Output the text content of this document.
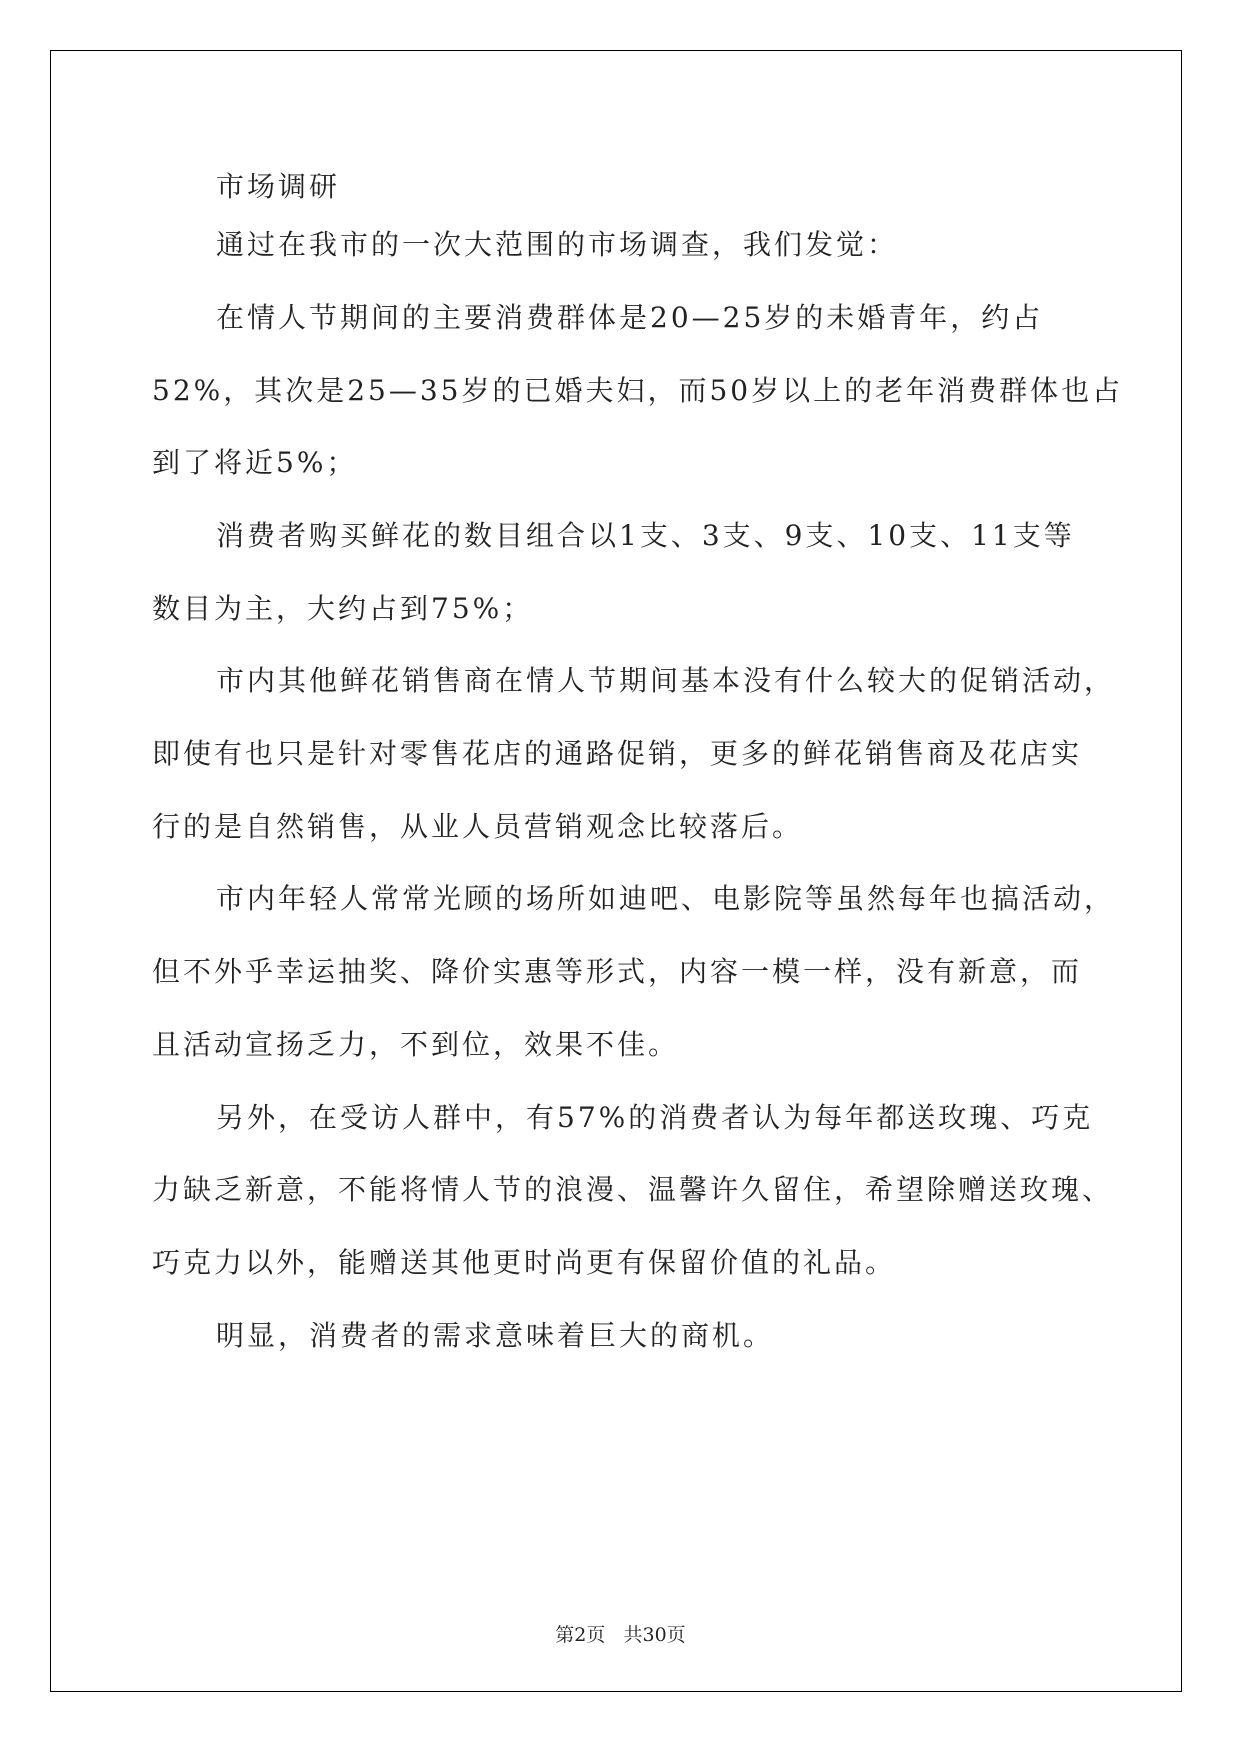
市场调研
通过在我市的一次大范围的市场调查，我们发觉：
在情人节期间的主要消费群体是20—25岁的未婚青年，约占
52%，其次是25—35岁的已婚夫妇，而50岁以上的老年消费群体也占
到了将近5%；
消费者购买鲜花的数目组合以1支、3支、9支、10支、11支等
数目为主，大约占到75%；
市内其他鲜花销售商在情人节期间基本没有什么较大的促销活动，
即使有也只是针对零售花店的通路促销，更多的鲜花销售商及花店实
行的是自然销售，从业人员营销观念比较落后。
市内年轻人常常光顾的场所如迪吧、电影院等虽然每年也搞活动，
但不外乎幸运抽奖、降价实惠等形式，内容一模一样，没有新意，而
且活动宣扬乏力，不到位，效果不佳。
另外，在受访人群中，有57%的消费者认为每年都送玫瑰、巧克
力缺乏新意，不能将情人节的浪漫、温馨许久留住，希望除赠送玫瑰、
巧克力以外，能赠送其他更时尚更有保留价值的礼品。
明显，消费者的需求意味着巨大的商机。
第2页   共30页
